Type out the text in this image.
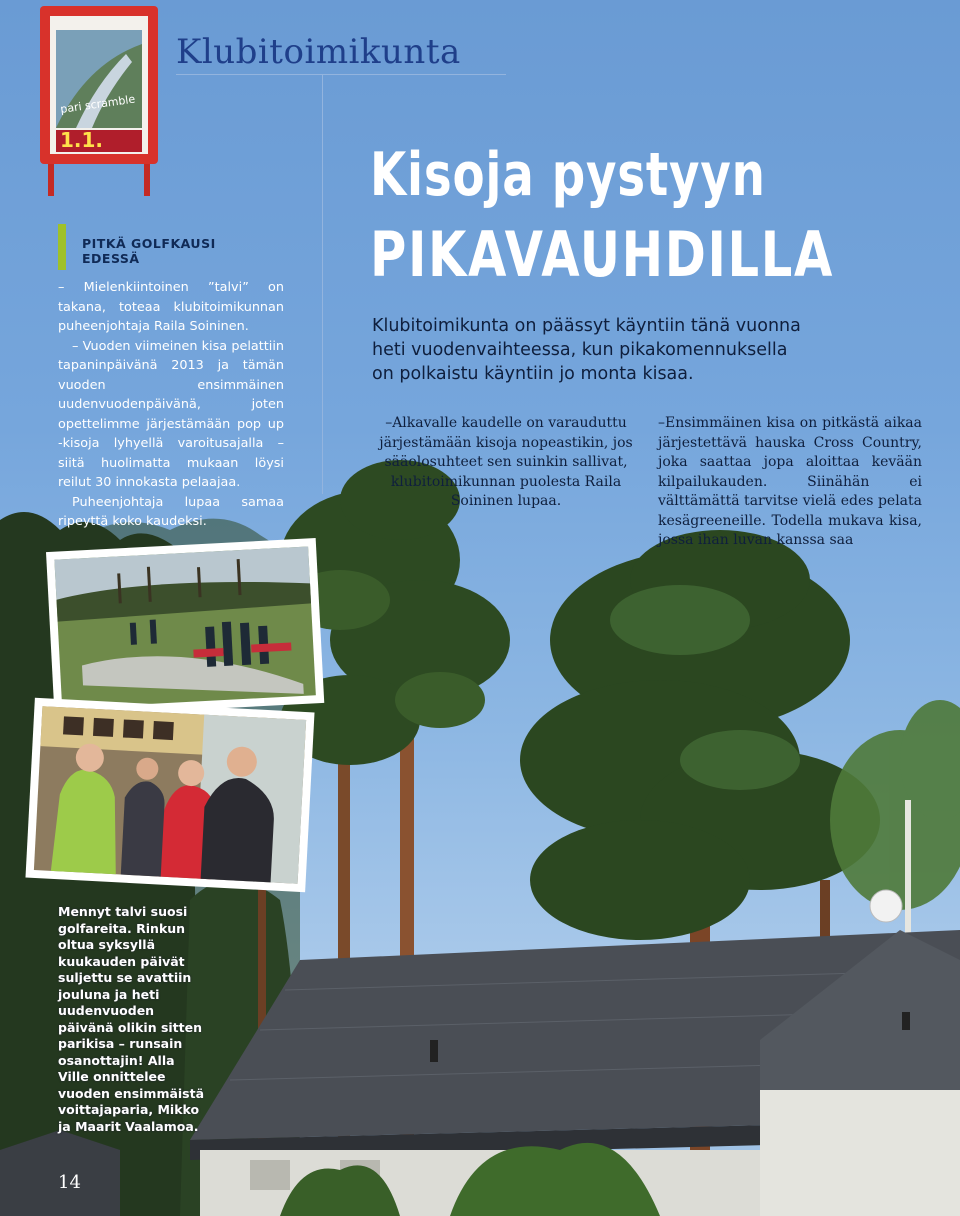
pari scramble
1.1.
Klubitoimikunta
Kisoja pystyyn
PIKAVAUHDILLA
Klubitoimikunta on päässyt käyntiin tänä vuonna heti vuodenvaihteessa, kun pikakomennuksella on polkaistu käyntiin jo monta kisaa.
–Alkavalle kaudelle on varauduttu järjestämään kisoja nopeastikin, jos sääolosuhteet sen suinkin sallivat, klubitoimikunnan puolesta Raila Soininen lupaa.
–Ensimmäinen kisa on pitkästä aikaa järjestettävä hauska Cross Country, joka saattaa jopa aloittaa kevään kilpailukauden. Siinähän ei välttämättä tarvitse vielä edes pelata kesägreeneille. Todella mukava kisa, jossa ihan luvan kanssa saa
PITKÄ GOLFKAUSI EDESSÄ

– Mielenkiintoinen ”talvi” on takana, toteaa klubitoimikunnan puheenjohtaja Raila Soininen.

– Vuoden viimeinen kisa pelattiin tapaninpäivänä 2013 ja tämän vuoden ensimmäinen uudenvuodenpäivänä, joten opettelimme järjestämään pop up -kisoja lyhyellä varoitusajalla – siitä huolimatta mukaan löysi reilut 30 innokasta pelaajaa.

Puheenjohtaja lupaa samaa ripeyttä koko kaudeksi.

Mennyt talvi suosi golfareita. Rinkun oltua syksyllä kuukauden päivät suljettu se avattiin jouluna ja heti uudenvuoden päivänä olikin sitten parikisa – runsain osanottajin! Alla Ville onnittelee vuoden ensimmäistä voittajaparia, Mikko ja Maarit Vaalamoa.
14
